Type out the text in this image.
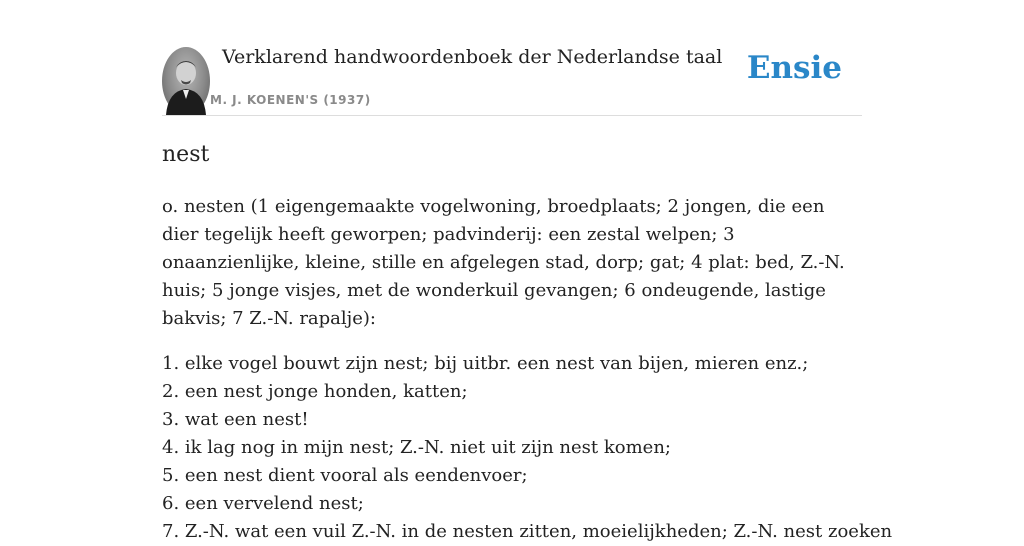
Verklarend handwoordenboek der Nederlandse taal
M. J. KOENEN'S (1937)
Ensie
nest

o. nesten (1 eigengemaakte vogelwoning, broedplaats; 2 jongen, die een dier tegelijk heeft geworpen; padvinderij: een zestal welpen; 3 onaanzienlijke, kleine, stille en afgelegen stad, dorp; gat; 4 plat: bed, Z.-N. huis; 5 jonge visjes, met de wonderkuil gevangen; 6 ondeugende, lastige bakvis; 7 Z.-N. rapalje):

1. elke vogel bouwt zijn nest; bij uitbr. een nest van bijen, mieren enz.;
2. een nest jonge honden, katten;
3. wat een nest!
4. ik lag nog in mijn nest; Z.-N. niet uit zijn nest komen;
5. een nest dient vooral als eendenvoer;
6. een vervelend nest;
7. Z.-N. wat een vuil Z.-N. in de nesten zitten, moeielijkheden; Z.-N. nest zoeken
